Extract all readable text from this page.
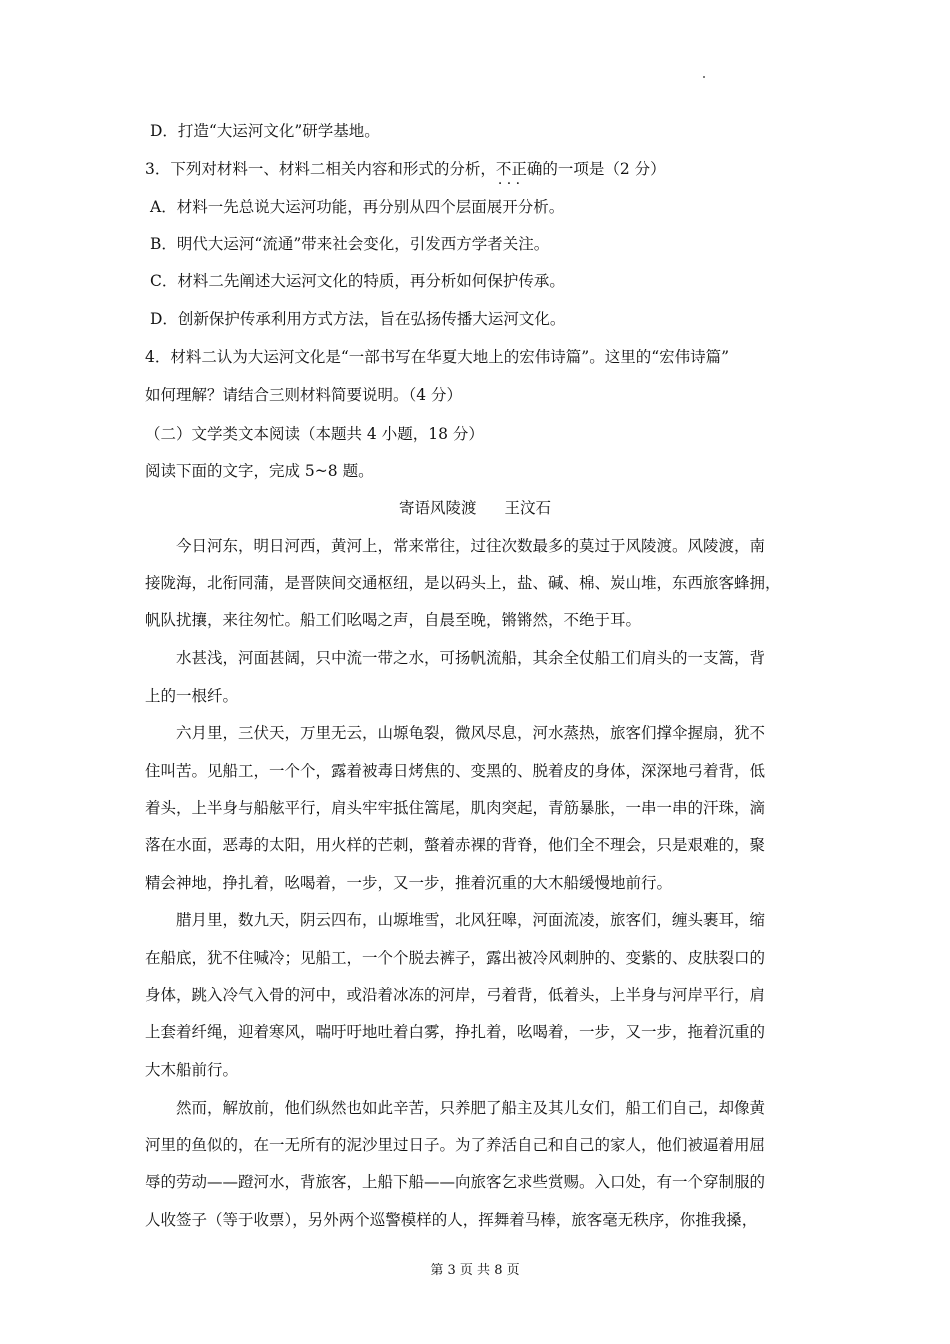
D．打造“大运河文化”研学基地。
3．下列对材料一、材料二相关内容和形式的分析，不正确 · · ·的一项是（2 分）
A．材料一先总说大运河功能，再分别从四个层面展开分析。
B．明代大运河“流通”带来社会变化，引发西方学者关注。
C．材料二先阐述大运河文化的特质，再分析如何保护传承。
D．创新保护传承利用方式方法，旨在弘扬传播大运河文化。
4．材料二认为大运河文化是“一部书写在华夏大地上的宏伟诗篇”。这里的“宏伟诗篇”
如何理解？请结合三则材料简要说明。（4 分）
（二）文学类文本阅读（本题共 4 小题，18 分）
阅读下面的文字，完成 5~8 题。
寄语风陵渡 王汶石
今日河东，明日河西，黄河上，常来常往，过往次数最多的莫过于风陵渡。风陵渡，南
接陇海，北衔同蒲，是晋陕间交通枢纽，是以码头上，盐、碱、棉、炭山堆，东西旅客蜂拥，
帆队扰攘，来往匆忙。船工们吆喝之声，自晨至晚，锵锵然，不绝于耳。
水甚浅，河面甚阔，只中流一带之水，可扬帆流船，其余全仗船工们肩头的一支篙，背
上的一根纤。
六月里，三伏天，万里无云，山塬龟裂，微风尽息，河水蒸热，旅客们撑伞握扇，犹不
住叫苦。见船工，一个个，露着被毒日烤焦的、变黑的、脱着皮的身体，深深地弓着背，低
着头，上半身与船舷平行，肩头牢牢抵住篙尾，肌肉突起，青筋暴胀，一串一串的汗珠，滴
落在水面，恶毒的太阳，用火样的芒刺，螫着赤裸的背脊，他们全不理会，只是艰难的，聚
精会神地，挣扎着，吆喝着，一步，又一步，推着沉重的大木船缓慢地前行。
腊月里，数九天，阴云四布，山塬堆雪，北风狂嗥，河面流凌，旅客们，缠头裹耳，缩
在船底，犹不住喊冷；见船工，一个个脱去裤子，露出被冷风刺肿的、变紫的、皮肤裂口的
身体，跳入冷气入骨的河中，或沿着冰冻的河岸，弓着背，低着头，上半身与河岸平行，肩
上套着纤绳，迎着寒风，喘吁吁地吐着白雾，挣扎着，吆喝着，一步，又一步，拖着沉重的
大木船前行。
然而，解放前，他们纵然也如此辛苦，只养肥了船主及其儿女们，船工们自己，却像黄
河里的鱼似的，在一无所有的泥沙里过日子。为了养活自己和自己的家人，他们被逼着用屈
辱的劳动——蹬河水，背旅客，上船下船——向旅客乞求些赏赐。入口处，有一个穿制服的
人收签子（等于收票），另外两个巡警模样的人，挥舞着马棒，旅客毫无秩序，你推我搡，
第 3 页 共 8 页
